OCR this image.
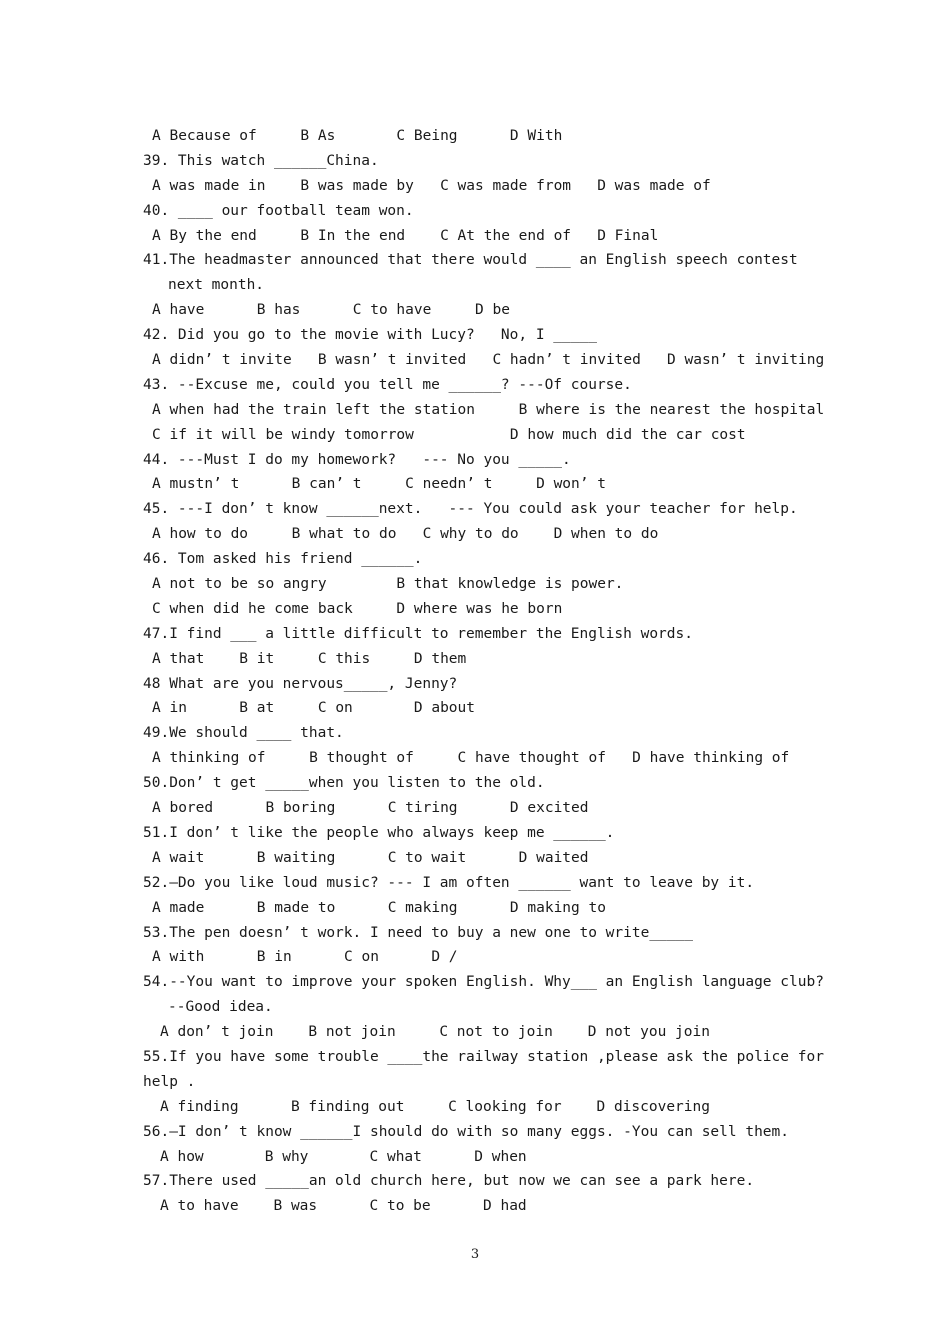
A Because of     B As       C Being      D With
39. This watch ______China.
A was made in    B was made by   C was made from   D was made of
40. ____ our football team won.
A By the end     B In the end    C At the end of   D Final
41.The headmaster announced that there would ____ an English speech contest
next month.
A have      B has      C to have     D be
42. Did you go to the movie with Lucy?   No, I _____
A didn’ t invite   B wasn’ t invited   C hadn’ t invited   D wasn’ t inviting
43. --Excuse me, could you tell me ______? ---Of course.
A when had the train left the station     B where is the nearest the hospital
C if it will be windy tomorrow           D how much did the car cost
44. ---Must I do my homework?   --- No you _____.
A mustn’ t      B can’ t     C needn’ t     D won’ t
45. ---I don’ t know ______next.   --- You could ask your teacher for help.
A how to do     B what to do   C why to do    D when to do
46. Tom asked his friend ______.
A not to be so angry        B that knowledge is power.
C when did he come back     D where was he born
47.I find ___ a little difficult to remember the English words.
A that    B it     C this     D them
48 What are you nervous_____, Jenny?
A in      B at     C on       D about
49.We should ____ that.
A thinking of     B thought of     C have thought of   D have thinking of
50.Don’ t get _____when you listen to the old.
A bored      B boring      C tiring      D excited
51.I don’ t like the people who always keep me ______.
A wait      B waiting      C to wait      D waited
52.—Do you like loud music? --- I am often ______ want to leave by it.
A made      B made to      C making      D making to
53.The pen doesn’ t work. I need to buy a new one to write_____
A with      B in      C on      D /
54.--You want to improve your spoken English. Why___ an English language club?
--Good idea.
A don’ t join    B not join     C not to join    D not you join
55.If you have some trouble ____the railway station ,please ask the police for
help .
A finding      B finding out     C looking for    D discovering
56.—I don’ t know ______I should do with so many eggs. -You can sell them.
A how       B why       C what      D when
57.There used _____an old church here, but now we can see a park here.
A to have    B was      C to be      D had
3
